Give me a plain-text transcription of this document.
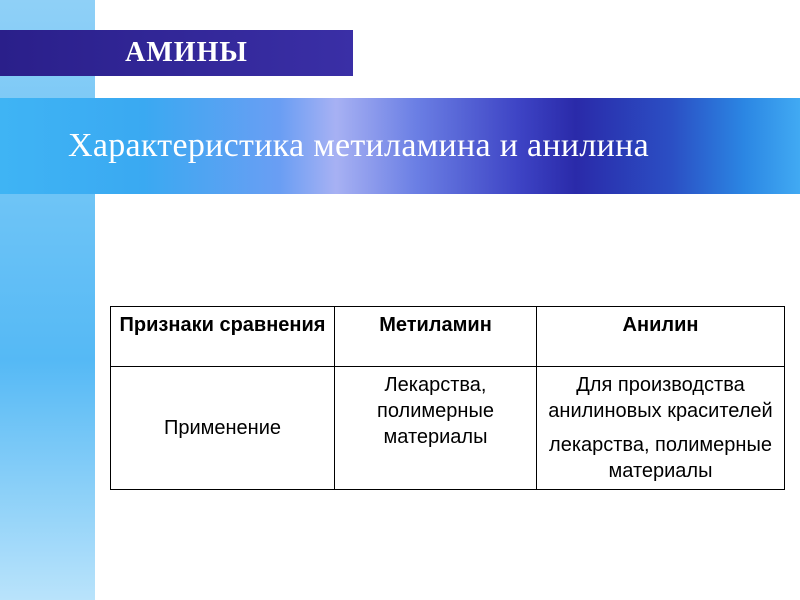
АМИНЫ
Характеристика метиламина и анилина
Признаки сравнения	Метиламин	Анилин
Применение	Лекарства, полимерные материалы	Для производства анилиновых красителей
лекарства, полимерные материалы
